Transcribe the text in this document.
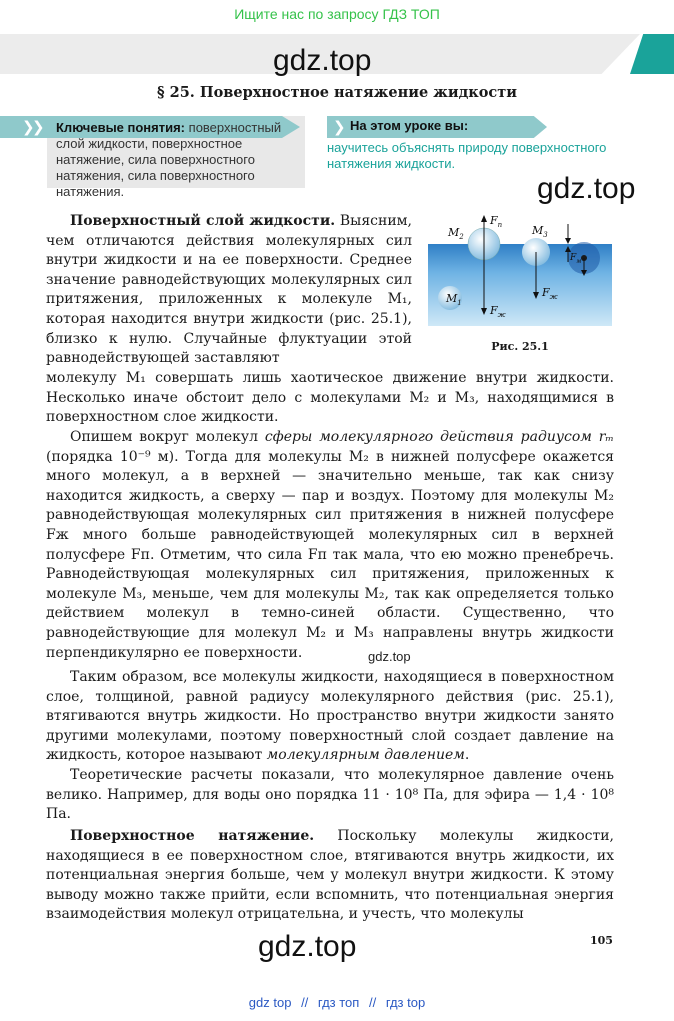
Ищите нас по запросу ГДЗ ТОП
gdz.top
§ 25. Поверхностное натяжение жидкости
❯
❯ Ключевые понятия: поверхностный слой жидкости, поверхностное натяжение, сила поверхностного натяжения, сила поверхностного натяжения.
❯ На этом уроке вы:
научитесь объяснять природу поверхностного натяжения жидкости.
gdz.top
$M_1$
$M_2$	$M_3$
$F_п$
$F_ж$
$F_ж$
$F_м$
Рис. 25.1
Поверхностный слой жидкости. Выясним, чем отличаются действия молекулярных сил внутри жидкости и на ее поверхности. Среднее значение равнодействующих молекулярных сил притяжения, приложенных к молекуле M₁, которая находится внутри жидкости (рис. 25.1), близко к нулю. Случайные флуктуации этой равнодействующей заставляют
молекулу M₁ совершать лишь хаотическое движение внутри жидкости. Несколько иначе обстоит дело с молекулами M₂ и M₃, находящимися в поверхностном слое жидкости.
Опишем вокруг молекул сферы молекулярного действия радиусом rₘ (порядка 10⁻⁹ м). Тогда для молекулы M₂ в нижней полусфере окажется много молекул, а в верхней — значительно меньше, так как снизу находится жидкость, а сверху — пар и воздух. Поэтому для молекулы M₂ равнодействующая молекулярных сил притяжения в нижней полусфере Fж много больше равнодействующей молекулярных сил в верхней полусфере Fп. Отметим, что сила Fп так мала, что ею можно пренебречь. Равнодействующая молекулярных сил притяжения, приложенных к молекуле M₃, меньше, чем для молекулы M₂, так как определяется только действием молекул в темно-синей области. Существенно, что равнодействующие для молекул M₂ и M₃ направлены внутрь жидкости перпендикулярно ее поверхности.	gdz.top
Таким образом, все молекулы жидкости, находящиеся в поверхностном слое, толщиной, равной радиусу молекулярного действия (рис. 25.1), втягиваются внутрь жидкости. Но пространство внутри жидкости занято другими молекулами, поэтому поверхностный слой создает давление на жидкость, которое называют молекулярным давлением.
Теоретические расчеты показали, что молекулярное давление очень велико. Например, для воды оно порядка 11 · 10⁸ Па, для эфира — 1,4 · 10⁸ Па.
Поверхностное натяжение. Поскольку молекулы жидкости, находящиеся в ее поверхностном слое, втягиваются внутрь жидкости, их потенциальная энергия больше, чем у молекул внутри жидкости. К этому выводу можно также прийти, если вспомнить, что потенциальная энергия взаимодействия молекул отрицательна, и учесть, что молекулы
gdz.top	105
gdz top // гдз топ // гдз top
